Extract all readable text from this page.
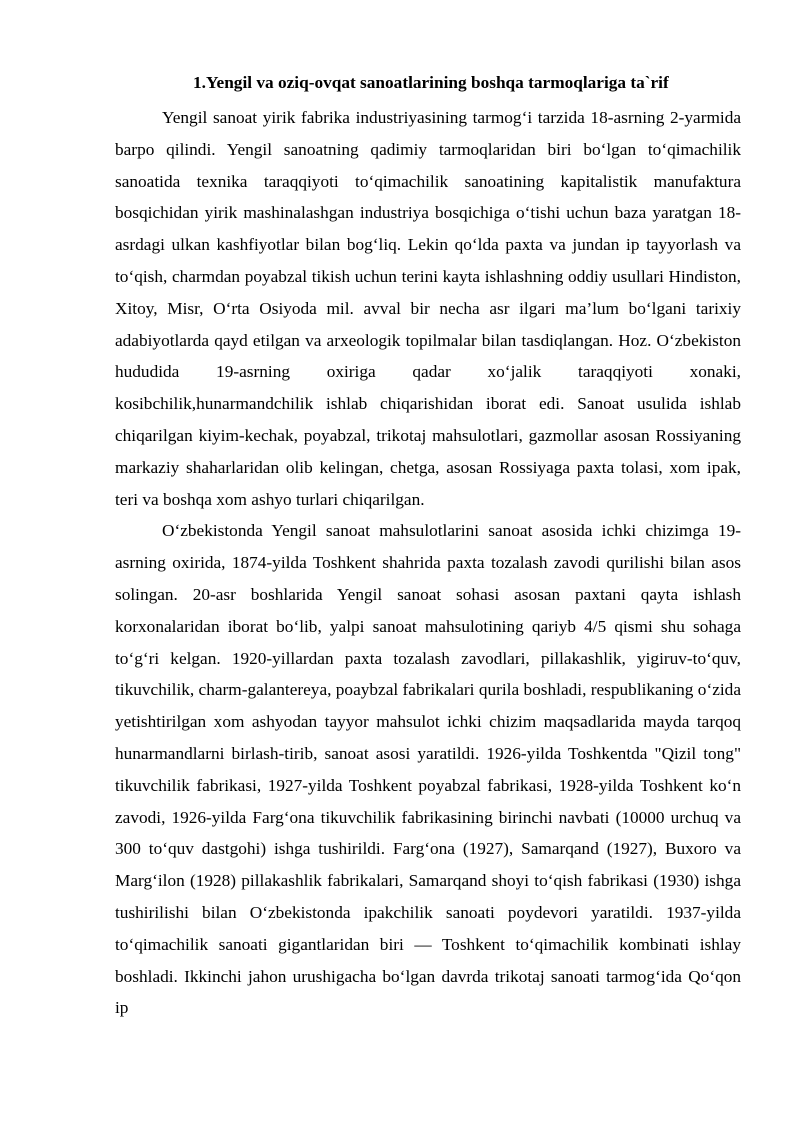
1.Yengil va oziq-ovqat sanoatlarining boshqa tarmoqlariga ta`rif

Yengil sanoat yirik fabrika industriyasining tarmog‘i tarzida 18-asrning 2-yarmida barpo qilindi. Yengil sanoatning qadimiy tarmoqlaridan biri bo‘lgan to‘qimachilik sanoatida texnika taraqqiyoti to‘qimachilik sanoatining kapitalistik manufaktura bosqichidan yirik mashinalashgan industriya bosqichiga o‘tishi uchun baza yaratgan 18-asrdagi ulkan kashfiyotlar bilan bog‘liq. Lekin qo‘lda paxta va jundan ip tayyorlash va to‘qish, charmdan poyabzal tikish uchun terini kayta ishlashning oddiy usullari Hindiston, Xitoy, Misr, O‘rta Osiyoda mil. avval bir necha asr ilgari ma’lum bo‘lgani tarixiy adabiyotlarda qayd etilgan va arxeologik topilmalar bilan tasdiqlangan. Hoz. O‘zbekiston hududida 19-asrning oxiriga qadar xo‘jalik taraqqiyoti xonaki, kosibchilik,hunarmandchilik ishlab chiqarishidan iborat edi. Sanoat usulida ishlab chiqarilgan kiyim-kechak, poyabzal, trikotaj mahsulotlari, gazmollar asosan Rossiyaning markaziy shaharlaridan olib kelingan, chetga, asosan Rossiyaga paxta tolasi, xom ipak, teri va boshqa xom ashyo turlari chiqarilgan.

O‘zbekistonda Yengil sanoat mahsulotlarini sanoat asosida ichki chizimga 19-asrning oxirida, 1874-yilda Toshkent shahrida paxta tozalash zavodi qurilishi bilan asos solingan. 20-asr boshlarida Yengil sanoat sohasi asosan paxtani qayta ishlash korxonalaridan iborat bo‘lib, yalpi sanoat mahsulotining qariyb 4/5 qismi shu sohaga to‘g‘ri kelgan. 1920-yillardan paxta tozalash zavodlari, pillakashlik, yigiruv-to‘quv, tikuvchilik, charm-galantereya, poaybzal fabrikalari qurila boshladi, respublikaning o‘zida yetishtirilgan xom ashyodan tayyor mahsulot ichki chizim maqsadlarida mayda tarqoq hunarmandlarni birlash-tirib, sanoat asosi yaratildi. 1926-yilda Toshkentda "Qizil tong" tikuvchilik fabrikasi, 1927-yilda Toshkent poyabzal fabrikasi, 1928-yilda Toshkent ko‘n zavodi, 1926-yilda Farg‘ona tikuvchilik fabrikasining birinchi navbati (10000 urchuq va 300 to‘quv dastgohi) ishga tushirildi. Farg‘ona (1927), Samarqand (1927), Buxoro va Marg‘ilon (1928) pillakashlik fabrikalari, Samarqand shoyi to‘qish fabrikasi (1930) ishga tushirilishi bilan O‘zbekistonda ipakchilik sanoati poydevori yaratildi. 1937-yilda to‘qimachilik sanoati gigantlaridan biri — Toshkent to‘qimachilik kombinati ishlay boshladi. Ikkinchi jahon urushigacha bo‘lgan davrda trikotaj sanoati tarmog‘ida Qo‘qon ip
